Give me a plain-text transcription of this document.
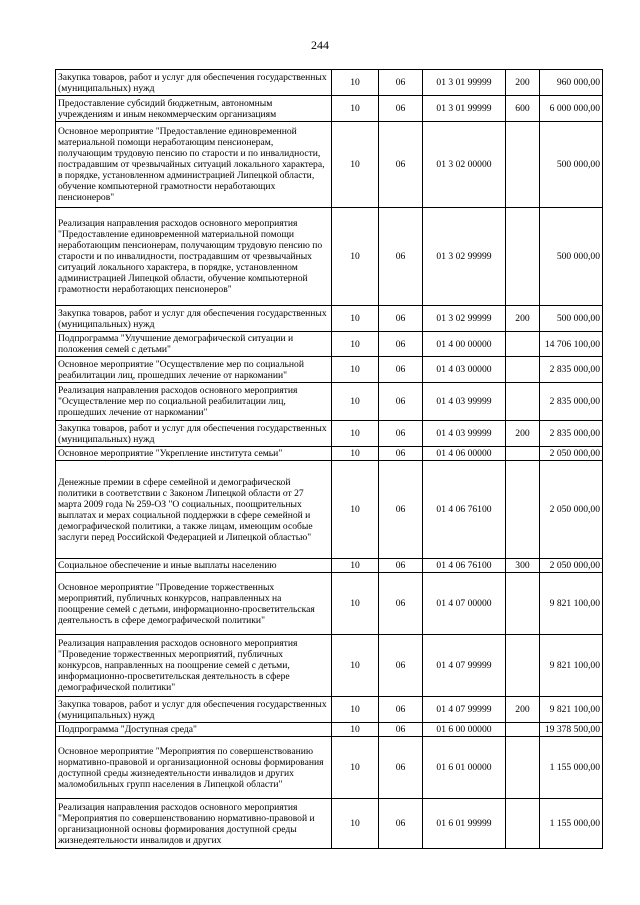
244
Закупка товаров, работ и услуг для обеспечения государственных (муниципальных) нужд	10	06	01 3 01 99999	200	960 000,00
Предоставление субсидий бюджетным, автономным учреждениям и иным некоммерческим организациям	10	06	01 3 01 99999	600	6 000 000,00
Основное мероприятие "Предоставление единовременной материальной помощи неработающим пенсионерам, получающим трудовую пенсию по старости и по инвалидности, пострадавшим от чрезвычайных ситуаций локального характера, в порядке, установленном администрацией Липецкой области, обучение компьютерной грамотности неработающих пенсионеров"	10	06	01 3 02 00000		500 000,00
Реализация направления расходов основного мероприятия "Предоставление единовременной материальной помощи неработающим пенсионерам, получающим трудовую пенсию по старости и по инвалидности, пострадавшим от чрезвычайных ситуаций локального характера, в порядке, установленном администрацией Липецкой области, обучение компьютерной грамотности неработающих пенсионеров"	10	06	01 3 02 99999		500 000,00
Закупка товаров, работ и услуг для обеспечения государственных (муниципальных) нужд	10	06	01 3 02 99999	200	500 000,00
Подпрограмма "Улучшение демографической ситуации и положения семей с детьми"	10	06	01 4 00 00000		14 706 100,00
Основное мероприятие "Осуществление мер по социальной реабилитации лиц, прошедших лечение от наркомании"	10	06	01 4 03 00000		2 835 000,00
Реализация направления расходов основного мероприятия "Осуществление мер по социальной реабилитации лиц, прошедших лечение от наркомании"	10	06	01 4 03 99999		2 835 000,00
Закупка товаров, работ и услуг для обеспечения государственных (муниципальных) нужд	10	06	01 4 03 99999	200	2 835 000,00
Основное мероприятие "Укрепление института семьи"	10	06	01 4 06 00000		2 050 000,00
Денежные премии в сфере семейной и демографической политики в соответствии с Законом Липецкой области от 27 марта 2009 года № 259-ОЗ "О социальных, поощрительных выплатах и мерах социальной поддержки в сфере семейной и демографической политики, а также лицам, имеющим особые заслуги перед Российской Федерацией и Липецкой областью"	10	06	01 4 06 76100		2 050 000,00
Социальное обеспечение и иные выплаты населению	10	06	01 4 06 76100	300	2 050 000,00
Основное мероприятие "Проведение торжественных мероприятий, публичных конкурсов, направленных на поощрение семей с детьми, информационно-просветительская деятельность в сфере демографической политики"	10	06	01 4 07 00000		9 821 100,00
Реализация направления расходов основного мероприятия "Проведение торжественных мероприятий, публичных конкурсов, направленных на поощрение семей с детьми, информационно-просветительская деятельность в сфере демографической политики"	10	06	01 4 07 99999		9 821 100,00
Закупка товаров, работ и услуг для обеспечения государственных (муниципальных) нужд	10	06	01 4 07 99999	200	9 821 100,00
Подпрограмма "Доступная среда"	10	06	01 6 00 00000		19 378 500,00
Основное мероприятие "Мероприятия по совершенствованию нормативно-правовой и организационной основы формирования доступной среды жизнедеятельности инвалидов и других маломобильных групп населения в Липецкой области"	10	06	01 6 01 00000		1 155 000,00
Реализация направления расходов основного мероприятия "Мероприятия по совершенствованию нормативно-правовой и организационной основы формирования доступной среды жизнедеятельности инвалидов и других	10	06	01 6 01 99999		1 155 000,00
